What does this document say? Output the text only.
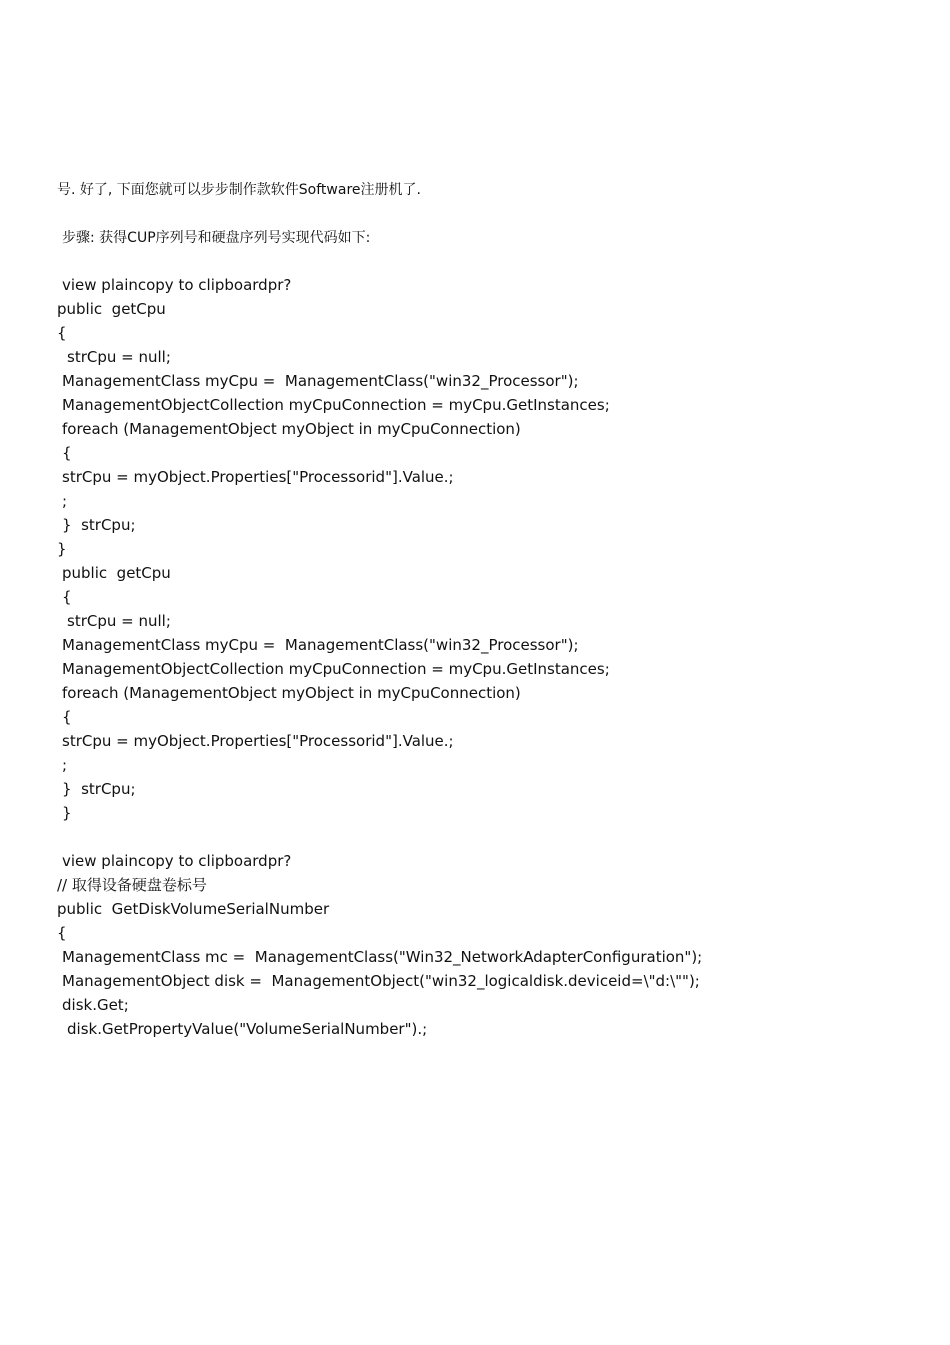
号. 好了, 下面您就可以步步制作款软件Software注册机了.
步骤: 获得CUP序列号和硬盘序列号实现代码如下:
view plaincopy to clipboardpr?
public  getCpu
{
strCpu = null;
ManagementClass myCpu =  ManagementClass("win32_Processor");
ManagementObjectCollection myCpuConnection = myCpu.GetInstances;
foreach (ManagementObject myObject in myCpuConnection)
{
strCpu = myObject.Properties["Processorid"].Value.;
;
}  strCpu;
}
public  getCpu
{
strCpu = null;
ManagementClass myCpu =  ManagementClass("win32_Processor");
ManagementObjectCollection myCpuConnection = myCpu.GetInstances;
foreach (ManagementObject myObject in myCpuConnection)
{
strCpu = myObject.Properties["Processorid"].Value.;
;
}  strCpu;
}
view plaincopy to clipboardpr?
// 取得设备硬盘卷标号
public  GetDiskVolumeSerialNumber
{
ManagementClass mc =  ManagementClass("Win32_NetworkAdapterConfiguration");
ManagementObject disk =  ManagementObject("win32_logicaldisk.deviceid=\"d:\"");
disk.Get;
disk.GetPropertyValue("VolumeSerialNumber").;
